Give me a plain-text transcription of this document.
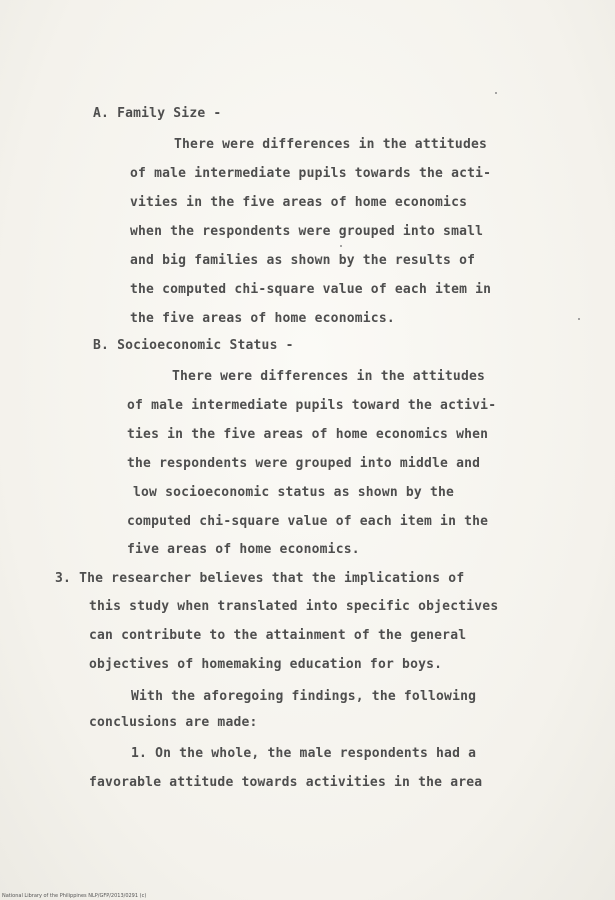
A. Family Size -
There were differences in the attitudes
of male intermediate pupils towards the acti-
vities in the five areas of home economics
when the respondents were grouped into small
and big families as shown by the results of
the computed chi-square value of each item in
the five areas of home economics.
B. Socioeconomic Status -
There were differences in the attitudes
of male intermediate pupils toward the activi-
ties in the five areas of home economics when
the respondents were grouped into middle and
low socioeconomic status as shown by the
computed chi-square value of each item in the
five areas of home economics.
3. The researcher believes that the implications of
this study when translated into specific objectives
can contribute to the attainment of the general
objectives of homemaking education for boys.
With the aforegoing findings, the following
conclusions are made:
1. On the whole, the male respondents had a
favorable attitude towards activities in the area
National Library of the Philippines NLP/GFP/2013/0291 (c)
